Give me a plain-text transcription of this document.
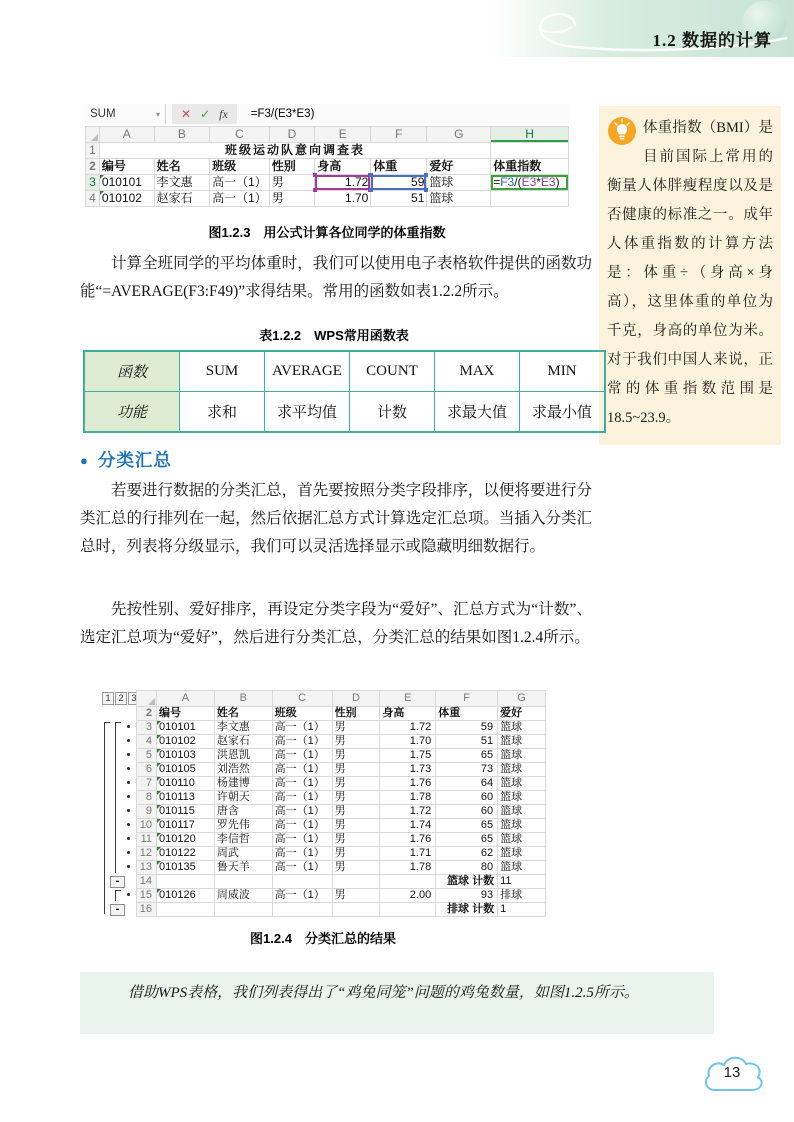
1.2 数据的计算
体重指数（BMI）是目前国际上常用的衡量人体胖瘦程度以及是否健康的标准之一。成年人体重指数的计算方法是：体重÷（身高×身高），这里体重的单位为千克，身高的单位为米。对于我们中国人来说，正常的体重指数范围是18.5~23.9。
SUM	▾ ✕ ✓ fx	=F3/(E3*E3)
	A	B	C	D	E	F	G	H
1	班级运动队意向调查表							
2	编号	姓名	班级	性别	身高	体重	爱好	体重指数
3	010101	李文惠	高一（1）	男	1.72	59	篮球	=F3/(E3*E3)
4	010102	赵家石	高一（1）	男	1.70	51	篮球	
图1.2.3　用公式计算各位同学的体重指数
计算全班同学的平均体重时，我们可以使用电子表格软件提供的函数功能“=AVERAGE(F3:F49)”求得结果。常用的函数如表1.2.2所示。
表1.2.2　WPS常用函数表
函数	SUM	AVERAGE	COUNT	MAX	MIN
功能	求和	求平均值	计数	求最大值	求最小值
● 分类汇总
若要进行数据的分类汇总，首先要按照分类字段排序，以便将要进行分类汇总的行排列在一起，然后依据汇总方式计算选定汇总项。当插入分类汇总时，列表将分级显示，我们可以灵活选择显示或隐藏明细数据行。
先按性别、爱好排序，再设定分类字段为“爱好”、汇总方式为“计数”、选定汇总项为“爱好”，然后进行分类汇总，分类汇总的结果如图1.2.4所示。
1 2 3
-
-
	A	B	C	D	E	F	G
2	编号	姓名	班级	性别	身高	体重	爱好
3	010101	李文惠	高一（1）	男	1.72	59	篮球
4	010102	赵家石	高一（1）	男	1.70	51	篮球
5	010103	洪恩凯	高一（1）	男	1.75	65	篮球
6	010105	刘浩然	高一（1）	男	1.73	73	篮球
7	010110	杨建博	高一（1）	男	1.76	64	篮球
8	010113	许朝天	高一（1）	男	1.78	60	篮球
9	010115	唐含	高一（1）	男	1.72	60	篮球
10	010117	罗先伟	高一（1）	男	1.74	65	篮球
11	010120	李信哲	高一（1）	男	1.76	65	篮球
12	010122	周武	高一（1）	男	1.71	62	篮球
13	010135	鲁天羊	高一（1）	男	1.78	80	篮球
14						篮球 计数	11
15	010126	周威波	高一（1）	男	2.00	93	排球
16						排球 计数	1
图1.2.4　分类汇总的结果
借助WPS表格，我们列表得出了“鸡兔同笼”问题的鸡兔数量，如图1.2.5所示。
13
